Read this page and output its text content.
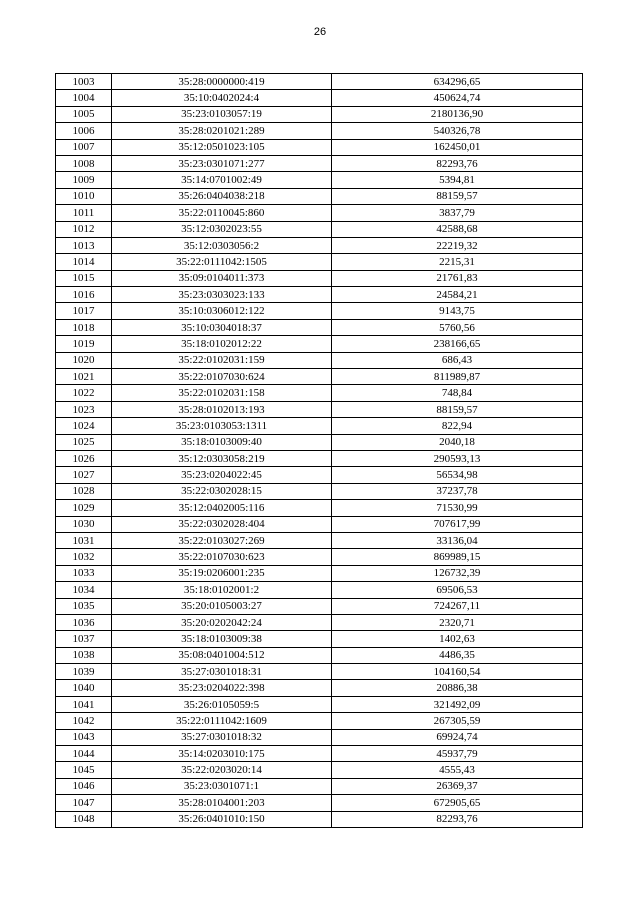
26
1003	35:28:0000000:419	634296,65
1004	35:10:0402024:4	450624,74
1005	35:23:0103057:19	2180136,90
1006	35:28:0201021:289	540326,78
1007	35:12:0501023:105	162450,01
1008	35:23:0301071:277	82293,76
1009	35:14:0701002:49	5394,81
1010	35:26:0404038:218	88159,57
1011	35:22:0110045:860	3837,79
1012	35:12:0302023:55	42588,68
1013	35:12:0303056:2	22219,32
1014	35:22:0111042:1505	2215,31
1015	35:09:0104011:373	21761,83
1016	35:23:0303023:133	24584,21
1017	35:10:0306012:122	9143,75
1018	35:10:0304018:37	5760,56
1019	35:18:0102012:22	238166,65
1020	35:22:0102031:159	686,43
1021	35:22:0107030:624	811989,87
1022	35:22:0102031:158	748,84
1023	35:28:0102013:193	88159,57
1024	35:23:0103053:1311	822,94
1025	35:18:0103009:40	2040,18
1026	35:12:0303058:219	290593,13
1027	35:23:0204022:45	56534,98
1028	35:22:0302028:15	37237,78
1029	35:12:0402005:116	71530,99
1030	35:22:0302028:404	707617,99
1031	35:22:0103027:269	33136,04
1032	35:22:0107030:623	869989,15
1033	35:19:0206001:235	126732,39
1034	35:18:0102001:2	69506,53
1035	35:20:0105003:27	724267,11
1036	35:20:0202042:24	2320,71
1037	35:18:0103009:38	1402,63
1038	35:08:0401004:512	4486,35
1039	35:27:0301018:31	104160,54
1040	35:23:0204022:398	20886,38
1041	35:26:0105059:5	321492,09
1042	35:22:0111042:1609	267305,59
1043	35:27:0301018:32	69924,74
1044	35:14:0203010:175	45937,79
1045	35:22:0203020:14	4555,43
1046	35:23:0301071:1	26369,37
1047	35:28:0104001:203	672905,65
1048	35:26:0401010:150	82293,76
